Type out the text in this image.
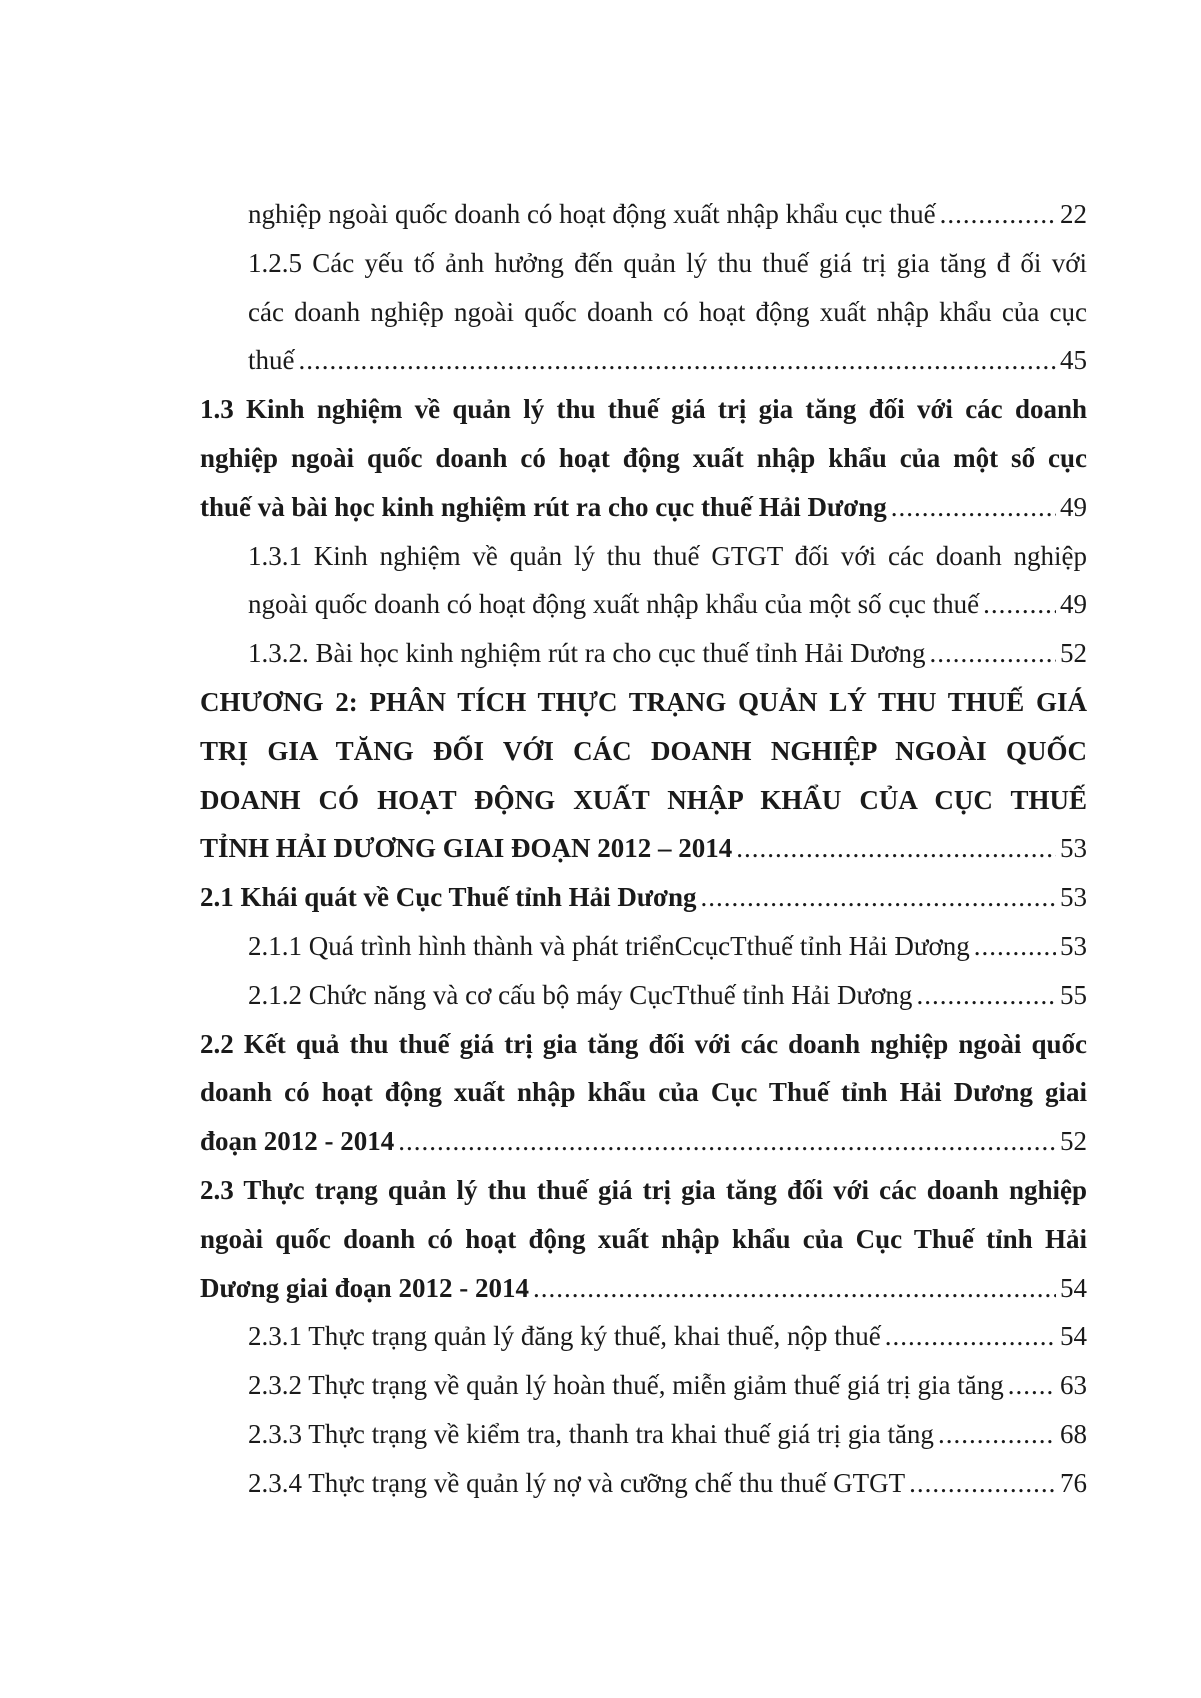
nghiệp ngoài quốc doanh có hoạt động xuất nhập khẩu cục thuế .....	22
1.2.5 Các yếu tố ảnh hưởng đến quản lý thu thuế giá trị gia tăng đ ối với
các doanh nghiệp ngoài quốc doanh có hoạt động xuất nhập khẩu của cục
thuế .....	45
1.3 Kinh nghiệm về quản lý thu thuế giá trị gia tăng đối với các doanh
nghiệp ngoài quốc doanh có hoạt động xuất nhập khẩu của một số cục
thuế và bài học kinh nghiệm rút ra cho cục thuế Hải Dương .....	49
1.3.1 Kinh nghiệm về quản lý thu thuế GTGT đối với các doanh nghiệp
ngoài quốc doanh có hoạt động xuất nhập khẩu của một số cục thuế .....	49
1.3.2. Bài học kinh nghiệm rút ra cho cục thuế tỉnh Hải Dương .....	52
CHƯƠNG 2: PHÂN TÍCH THỰC TRẠNG QUẢN LÝ THU THUẾ GIÁ
TRỊ GIA TĂNG ĐỐI VỚI CÁC DOANH NGHIỆP NGOÀI QUỐC
DOANH CÓ HOẠT ĐỘNG XUẤT NHẬP KHẨU CỦA CỤC THUẾ
TỈNH HẢI DƯƠNG GIAI ĐOẠN 2012 – 2014 .....	53
2.1 Khái quát về Cục Thuế tỉnh Hải Dương .....	53
2.1.1 Quá trình hình thành và phát triểnCcụcTthuế tỉnh Hải Dương .....	53
2.1.2 Chức năng và cơ cấu bộ máy CụcTthuế tỉnh Hải Dương .....	55
2.2 Kết quả thu thuế giá trị gia tăng đối với các doanh nghiệp ngoài quốc
doanh có hoạt động xuất nhập khẩu của Cục Thuế tỉnh Hải Dương giai
đoạn 2012 - 2014 .....	52
2.3 Thực trạng quản lý thu thuế giá trị gia tăng đối với các doanh nghiệp
ngoài quốc doanh có hoạt động xuất nhập khẩu của Cục Thuế tỉnh Hải
Dương giai đoạn 2012 - 2014 .....	54
2.3.1 Thực trạng quản lý đăng ký thuế, khai thuế, nộp thuế .....	54
2.3.2 Thực trạng về quản lý hoàn thuế, miễn giảm thuế giá trị gia tăng ..... 63
2.3.3 Thực trạng về kiểm tra, thanh tra khai thuế giá trị gia tăng .....	68
2.3.4 Thực trạng về quản lý nợ và cưỡng chế thu thuế GTGT .....	76
